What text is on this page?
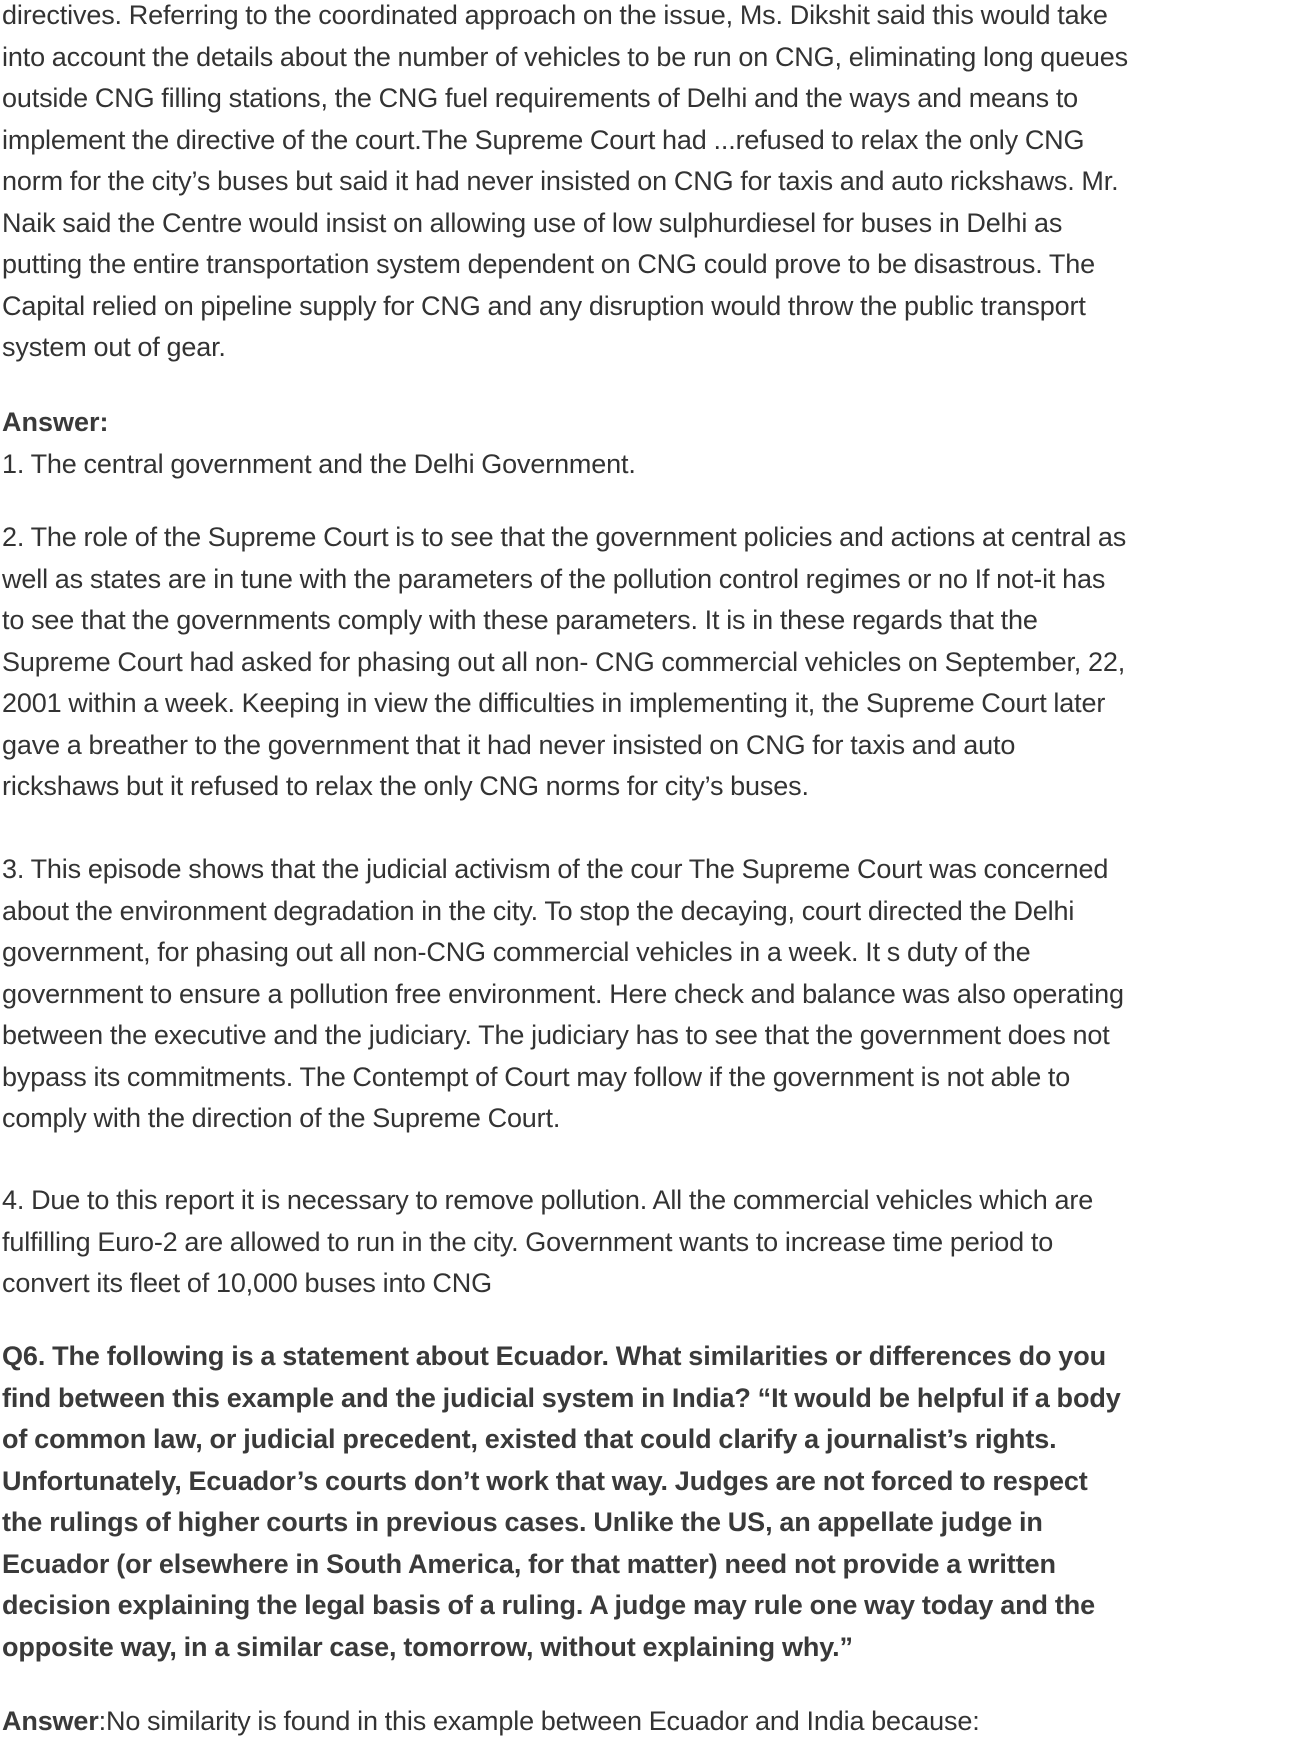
directives. Referring to the coordinated approach on the issue, Ms. Dikshit said this would take
into account the details about the number of vehicles to be run on CNG, eliminating long queues
outside CNG filling stations, the CNG fuel requirements of Delhi and the ways and means to
implement the directive of the court.The Supreme Court had ...refused to relax the only CNG
norm for the city’s buses but said it had never insisted on CNG for taxis and auto rickshaws. Mr.
Naik said the Centre would insist on allowing use of low sulphurdiesel for buses in Delhi as
putting the entire transportation system dependent on CNG could prove to be disastrous. The
Capital relied on pipeline supply for CNG and any disruption would throw the public transport
system out of gear.

Answer:

1. The central government and the Delhi Government.

2. The role of the Supreme Court is to see that the government policies and actions at central as
well as states are in tune with the parameters of the pollution control regimes or no If not-it has
to see that the governments comply with these parameters. It is in these regards that the
Supreme Court had asked for phasing out all non- CNG commercial vehicles on September, 22,
2001 within a week. Keeping in view the difficulties in implementing it, the Supreme Court later
gave a breather to the government that it had never insisted on CNG for taxis and auto
rickshaws but it refused to relax the only CNG norms for city’s buses.

3. This episode shows that the judicial activism of the cour The Supreme Court was concerned
about the environment degradation in the city. To stop the decaying, court directed the Delhi
government, for phasing out all non-CNG commercial vehicles in a week. It s duty of the
government to ensure a pollution free environment. Here check and balance was also operating
between the executive and the judiciary. The judiciary has to see that the government does not
bypass its commitments. The Contempt of Court may follow if the government is not able to
comply with the direction of the Supreme Court.

4. Due to this report it is necessary to remove pollution. All the commercial vehicles which are
fulfilling Euro-2 are allowed to run in the city. Government wants to increase time period to
convert its fleet of 10,000 buses into CNG

Q6. The following is a statement about Ecuador. What similarities or differences do you
find between this example and the judicial system in India? “It would be helpful if a body
of common law, or judicial precedent, existed that could clarify a journalist’s rights.
Unfortunately, Ecuador’s courts don’t work that way. Judges are not forced to respect
the rulings of higher courts in previous cases. Unlike the US, an appellate judge in
Ecuador (or elsewhere in South America, for that matter) need not provide a written
decision explaining the legal basis of a ruling. A judge may rule one way today and the
opposite way, in a similar case, tomorrow, without explaining why.”

Answer:No similarity is found in this example between Ecuador and India because:
